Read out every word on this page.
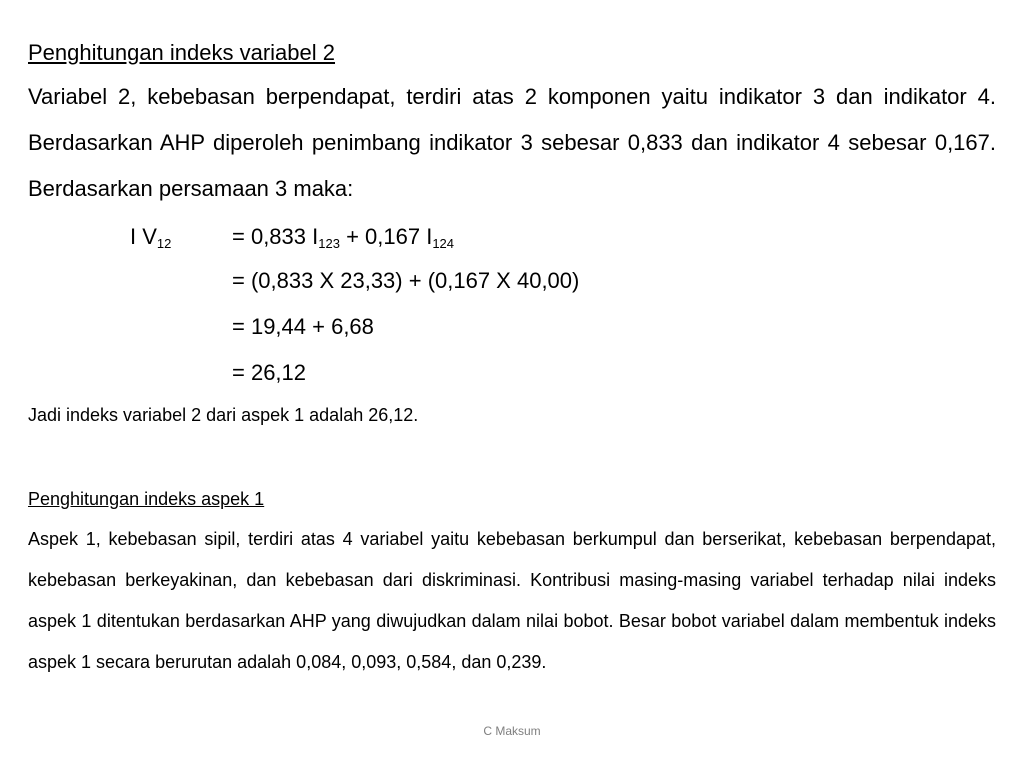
Penghitungan indeks variabel 2
Variabel 2, kebebasan berpendapat, terdiri atas 2 komponen yaitu indikator 3 dan indikator 4. Berdasarkan AHP diperoleh penimbang indikator 3 sebesar 0,833 dan indikator 4 sebesar 0,167. Berdasarkan persamaan 3 maka:
I $V_{12}$	= 0,833 $I_{123} + 0,167$ $I_{124}$
= (0,833 X 23,33) + (0,167 X 40,00)
= 19,44 + 6,68
= 26,12
Jadi indeks variabel 2 dari aspek 1 adalah 26,12.
Penghitungan indeks aspek 1
Aspek 1, kebebasan sipil, terdiri atas 4 variabel yaitu kebebasan berkumpul dan berserikat, kebebasan berpendapat, kebebasan berkeyakinan, dan kebebasan dari diskriminasi. Kontribusi masing-masing variabel terhadap nilai indeks aspek 1 ditentukan berdasarkan AHP yang diwujudkan dalam nilai bobot. Besar bobot variabel dalam membentuk indeks aspek 1 secara berurutan adalah 0,084, 0,093, 0,584, dan 0,239.
C Maksum
